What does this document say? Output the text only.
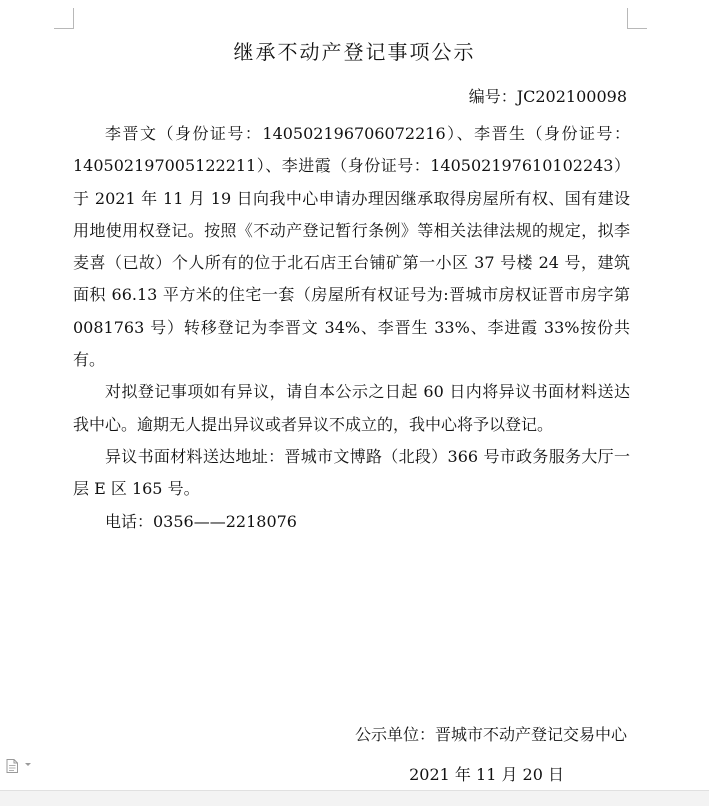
继承不动产登记事项公示
编号：JC202100098

李晋文（身份证号：140502196706072216）、李晋生（身份证号：140502197005122211）、李进霞（身份证号：140502197610102243）于 2021 年 11 月 19 日向我中心申请办理因继承取得房屋所有权、国有建设用地使用权登记。按照《不动产登记暂行条例》等相关法律法规的规定，拟李麦喜（已故）个人所有的位于北石店王台铺矿第一小区 37 号楼 24 号，建筑面积 66.13 平方米的住宅一套（房屋所有权证号为:晋城市房权证晋市房字第 0081763 号）转移登记为李晋文 34%、李晋生 33%、李进霞 33%按份共有。

对拟登记事项如有异议，请自本公示之日起 60 日内将异议书面材料送达我中心。逾期无人提出异议或者异议不成立的，我中心将予以登记。

异议书面材料送达地址：晋城市文博路（北段）366 号市政务服务大厅一层 E 区 165 号。

电话：0356——2218076

公示单位：晋城市不动产登记交易中心
2021 年 11 月 20 日
